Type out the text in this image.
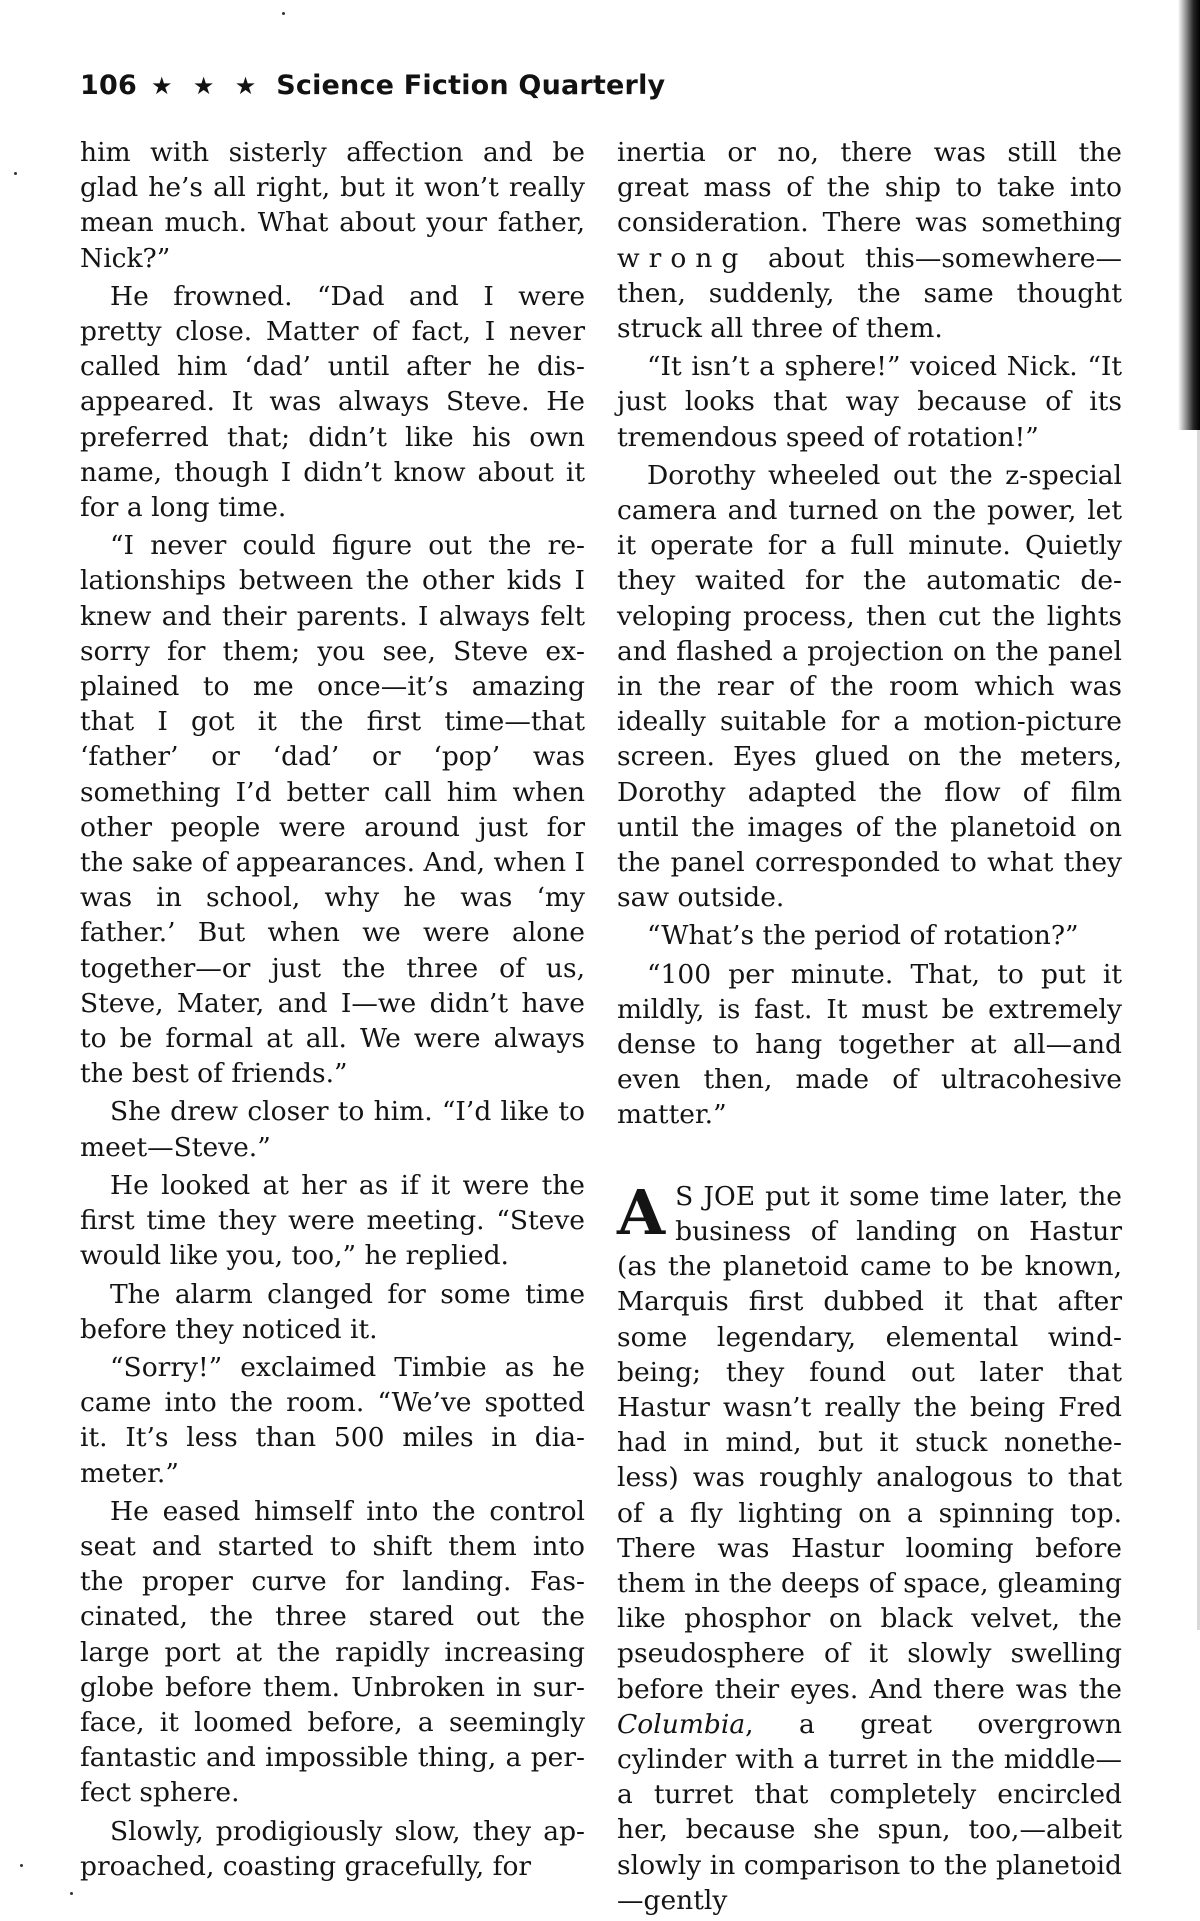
106 ★ ★ ★ Science Fiction Quarterly

him with sisterly affection and be glad he’s all right, but it won’t really mean much. What about your father, Nick?”

He frowned. “Dad and I were pretty close. Matter of fact, I never called him ‘dad’ until after he disappeared. It was always Steve. He preferred that; didn’t like his own name, though I didn’t know about it for a long time.

“I never could figure out the relationships between the other kids I knew and their parents. I always felt sorry for them; you see, Steve explained to me once—it’s amazing that I got it the first time—that ‘father’ or ‘dad’ or ‘pop’ was something I’d better call him when other people were around just for the sake of appearances. And, when I was in school, why he was ‘my father.’ But when we were alone together—or just the three of us, Steve, Mater, and I—we didn’t have to be formal at all. We were always the best of friends.”

She drew closer to him. “I’d like to meet—Steve.”

He looked at her as if it were the first time they were meeting. “Steve would like you, too,” he replied.

The alarm clanged for some time before they noticed it.

“Sorry!” exclaimed Timbie as he came into the room. “We’ve spotted it. It’s less than 500 miles in diameter.”

He eased himself into the control seat and started to shift them into the proper curve for landing. Fascinated, the three stared out the large port at the rapidly increasing globe before them. Unbroken in surface, it loomed before, a seemingly fantastic and impossible thing, a perfect sphere.

Slowly, prodigiously slow, they approached, coasting gracefully, for

inertia or no, there was still the great mass of the ship to take into consideration. There was something wrong about this—somewhere—then, suddenly, the same thought struck all three of them.

“It isn’t a sphere!” voiced Nick. “It just looks that way because of its tremendous speed of rotation!”

Dorothy wheeled out the z-special camera and turned on the power, let it operate for a full minute. Quietly they waited for the automatic developing process, then cut the lights and flashed a projection on the panel in the rear of the room which was ideally suitable for a motion-picture screen. Eyes glued on the meters, Dorothy adapted the flow of film until the images of the planetoid on the panel corresponded to what they saw outside.

“What’s the period of rotation?”

“100 per minute. That, to put it mildly, is fast. It must be extremely dense to hang together at all—and even then, made of ultracohesive matter.”

A S JOE put it some time later, the business of landing on Hastur (as the planetoid came to be known, Marquis first dubbed it that after some legendary, elemental wind-being; they found out later that Hastur wasn’t really the being Fred had in mind, but it stuck nonetheless) was roughly analogous to that of a fly lighting on a spinning top. There was Hastur looming before them in the deeps of space, gleaming like phosphor on black velvet, the pseudosphere of it slowly swelling before their eyes. And there was the Columbia, a great overgrown cylinder with a turret in the middle—a turret that completely encircled her, because she spun, too,—albeit slowly in comparison to the planetoid—gently
